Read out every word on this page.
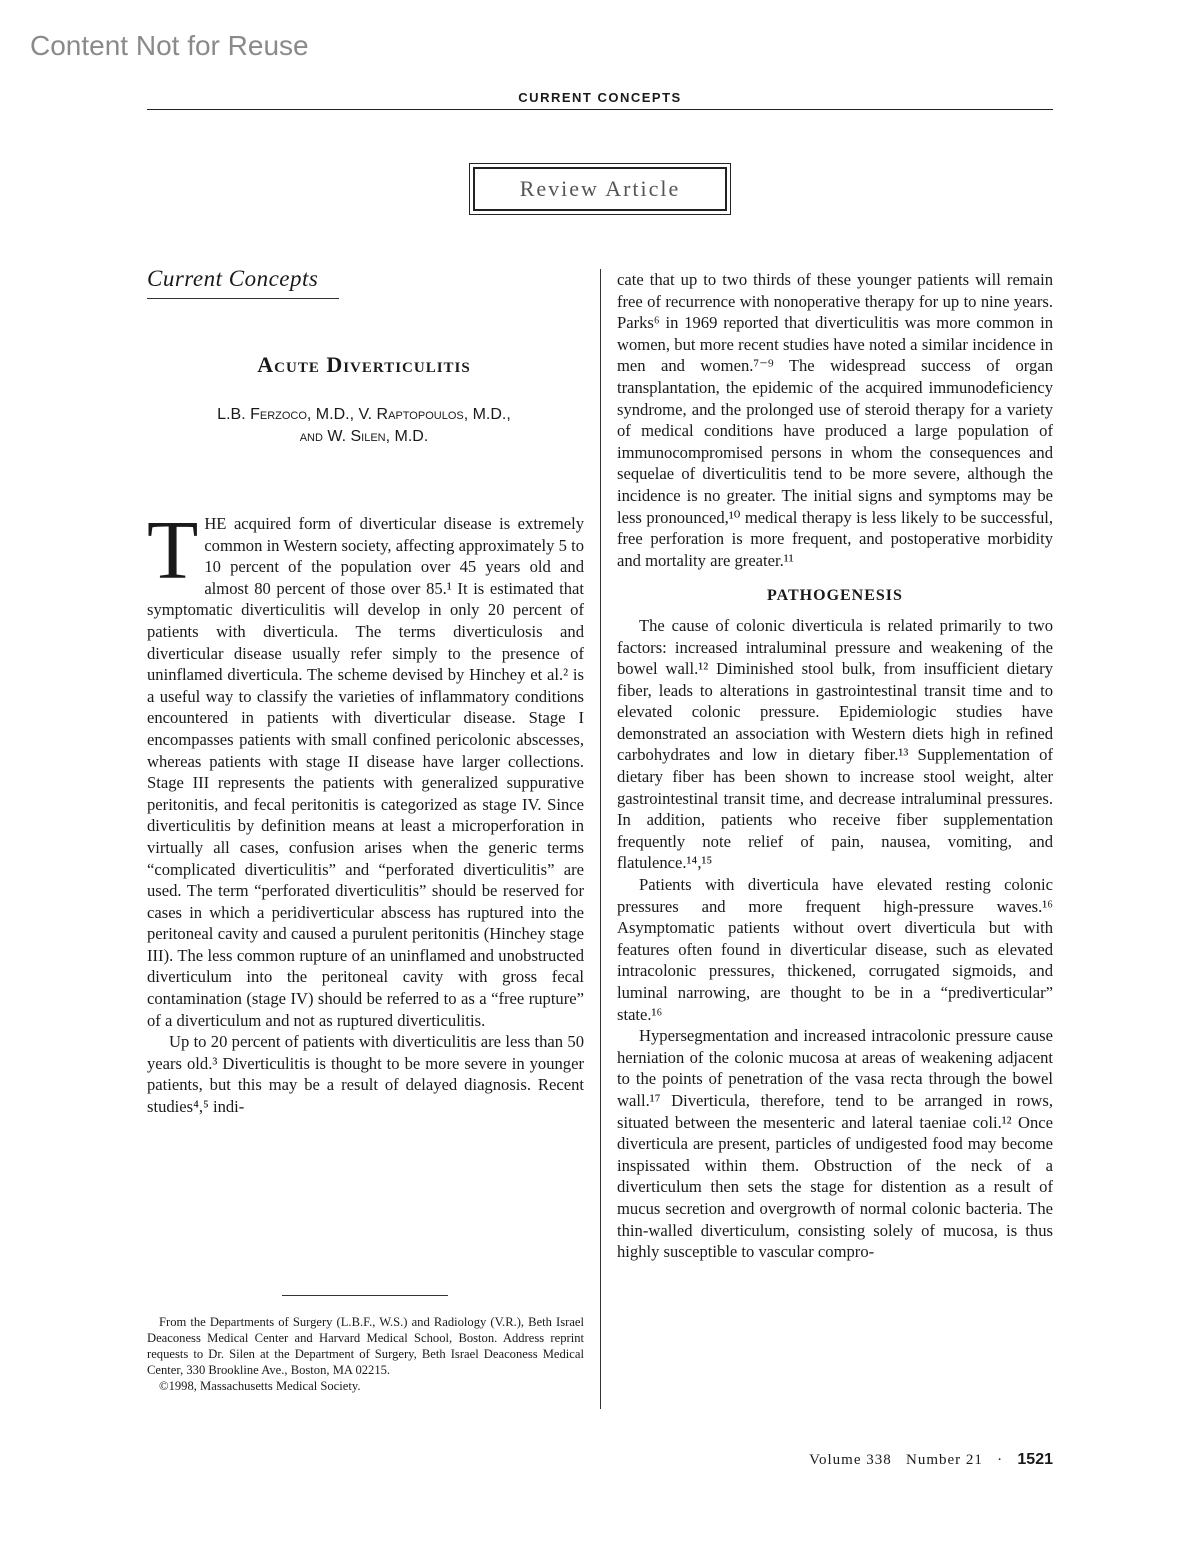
Content Not for Reuse
CURRENT CONCEPTS
Review Article
Current Concepts
Acute Diverticulitis
L.B. Ferzoco, M.D., V. Raptopoulos, M.D.,
and W. Silen, M.D.

THE acquired form of diverticular disease is extremely common in Western society, affecting approximately 5 to 10 percent of the population over 45 years old and almost 80 percent of those over 85.¹ It is estimated that symptomatic diverticulitis will develop in only 20 percent of patients with diverticula. The terms diverticulosis and diverticular disease usually refer simply to the presence of uninflamed diverticula. The scheme devised by Hinchey et al.² is a useful way to classify the varieties of inflammatory conditions encountered in patients with diverticular disease. Stage I encompasses patients with small confined pericolonic abscesses, whereas patients with stage II disease have larger collections. Stage III represents the patients with generalized suppurative peritonitis, and fecal peritonitis is categorized as stage IV. Since diverticulitis by definition means at least a microperforation in virtually all cases, confusion arises when the generic terms “complicated diverticulitis” and “perforated diverticulitis” are used. The term “perforated diverticulitis” should be reserved for cases in which a peridiverticular abscess has ruptured into the peritoneal cavity and caused a purulent peritonitis (Hinchey stage III). The less common rupture of an uninflamed and unobstructed diverticulum into the peritoneal cavity with gross fecal contamination (stage IV) should be referred to as a “free rupture” of a diverticulum and not as ruptured diverticulitis.

Up to 20 percent of patients with diverticulitis are less than 50 years old.³ Diverticulitis is thought to be more severe in younger patients, but this may be a result of delayed diagnosis. Recent studies⁴,⁵ indi-

cate that up to two thirds of these younger patients will remain free of recurrence with nonoperative therapy for up to nine years. Parks⁶ in 1969 reported that diverticulitis was more common in women, but more recent studies have noted a similar incidence in men and women.⁷⁻⁹ The widespread success of organ transplantation, the epidemic of the acquired immunodeficiency syndrome, and the prolonged use of steroid therapy for a variety of medical conditions have produced a large population of immunocompromised persons in whom the consequences and sequelae of diverticulitis tend to be more severe, although the incidence is no greater. The initial signs and symptoms may be less pronounced,¹⁰ medical therapy is less likely to be successful, free perforation is more frequent, and postoperative morbidity and mortality are greater.¹¹

PATHOGENESIS

The cause of colonic diverticula is related primarily to two factors: increased intraluminal pressure and weakening of the bowel wall.¹² Diminished stool bulk, from insufficient dietary fiber, leads to alterations in gastrointestinal transit time and to elevated colonic pressure. Epidemiologic studies have demonstrated an association with Western diets high in refined carbohydrates and low in dietary fiber.¹³ Supplementation of dietary fiber has been shown to increase stool weight, alter gastrointestinal transit time, and decrease intraluminal pressures. In addition, patients who receive fiber supplementation frequently note relief of pain, nausea, vomiting, and flatulence.¹⁴,¹⁵

Patients with diverticula have elevated resting colonic pressures and more frequent high-pressure waves.¹⁶ Asymptomatic patients without overt diverticula but with features often found in diverticular disease, such as elevated intracolonic pressures, thickened, corrugated sigmoids, and luminal narrowing, are thought to be in a “prediverticular” state.¹⁶

Hypersegmentation and increased intracolonic pressure cause herniation of the colonic mucosa at areas of weakening adjacent to the points of penetration of the vasa recta through the bowel wall.¹⁷ Diverticula, therefore, tend to be arranged in rows, situated between the mesenteric and lateral taeniae coli.¹² Once diverticula are present, particles of undigested food may become inspissated within them. Obstruction of the neck of a diverticulum then sets the stage for distention as a result of mucus secretion and overgrowth of normal colonic bacteria. The thin-walled diverticulum, consisting solely of mucosa, is thus highly susceptible to vascular compro-

From the Departments of Surgery (L.B.F., W.S.) and Radiology (V.R.), Beth Israel Deaconess Medical Center and Harvard Medical School, Boston. Address reprint requests to Dr. Silen at the Department of Surgery, Beth Israel Deaconess Medical Center, 330 Brookline Ave., Boston, MA 02215.

©1998, Massachusetts Medical Society.

Volume 338 Number 21 · 1521
